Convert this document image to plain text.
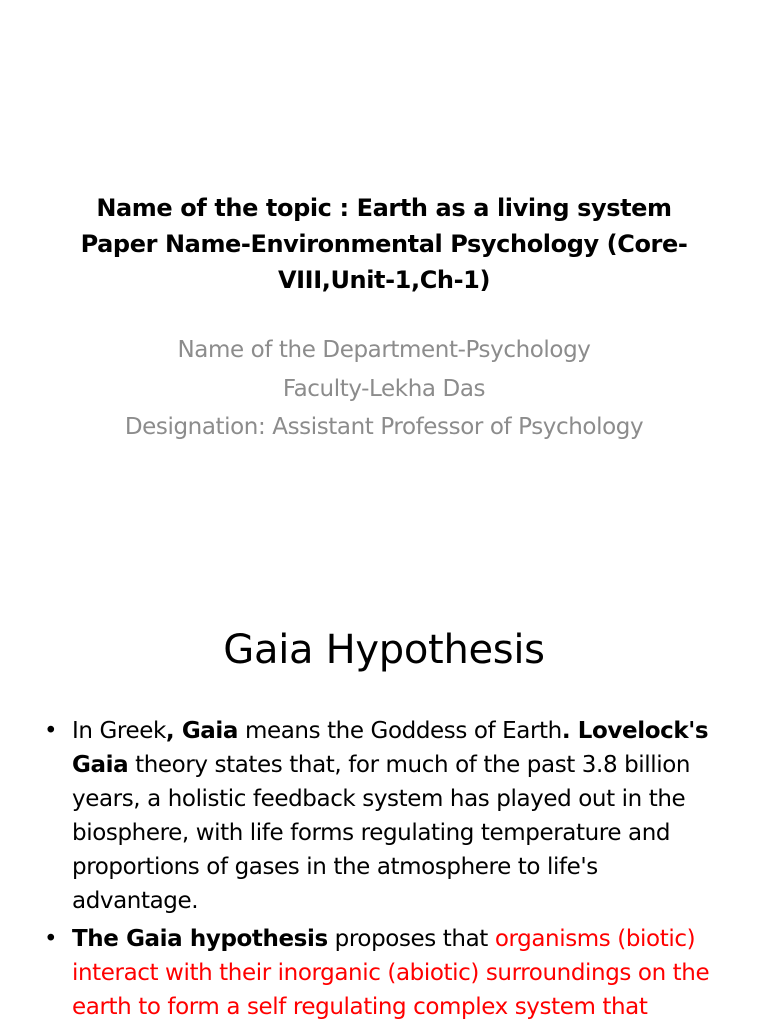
Name of the topic : Earth as a living system
Paper Name-Environmental Psychology (Core-
VIII,Unit-1,Ch-1)
Name of the Department-Psychology
Faculty-Lekha Das
Designation: Assistant Professor of Psychology
Gaia Hypothesis
• In Greek, Gaia means the Goddess of Earth. Lovelock's Gaia theory states that, for much of the past 3.8 billion years, a holistic feedback system has played out in the biosphere, with life forms regulating temperature and proportions of gases in the atmosphere to life's advantage.
• The Gaia hypothesis proposes that organisms (biotic) interact with their inorganic (abiotic) surroundings on the earth to form a self regulating complex system that
